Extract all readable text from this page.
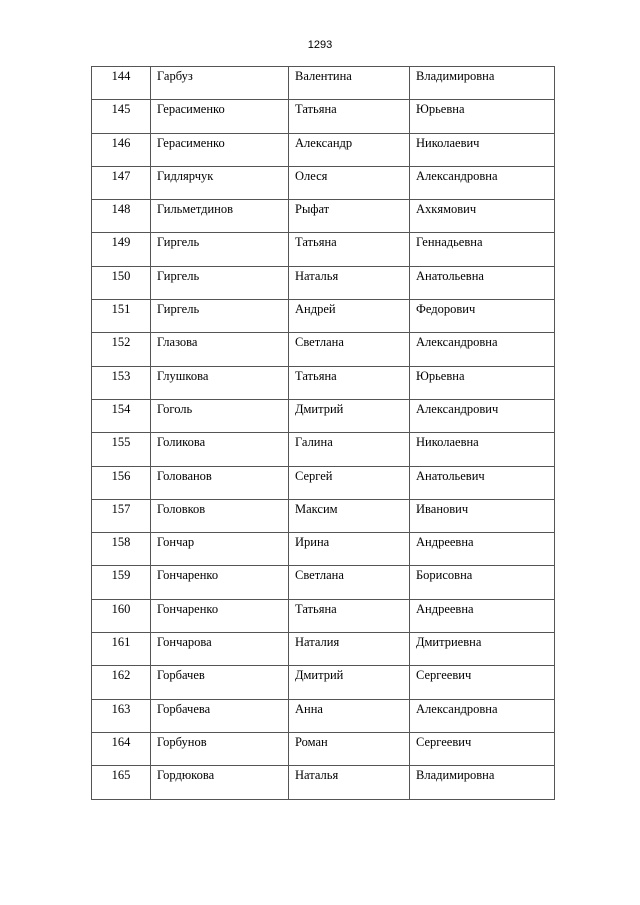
1293
144	Гарбуз	Валентина	Владимировна
145	Герасименко	Татьяна	Юрьевна
146	Герасименко	Александр	Николаевич
147	Гидлярчук	Олеся	Александровна
148	Гильметдинов	Рыфат	Ахкямович
149	Гиргель	Татьяна	Геннадьевна
150	Гиргель	Наталья	Анатольевна
151	Гиргель	Андрей	Федорович
152	Глазова	Светлана	Александровна
153	Глушкова	Татьяна	Юрьевна
154	Гоголь	Дмитрий	Александрович
155	Голикова	Галина	Николаевна
156	Голованов	Сергей	Анатольевич
157	Головков	Максим	Иванович
158	Гончар	Ирина	Андреевна
159	Гончаренко	Светлана	Борисовна
160	Гончаренко	Татьяна	Андреевна
161	Гончарова	Наталия	Дмитриевна
162	Горбачев	Дмитрий	Сергеевич
163	Горбачева	Анна	Александровна
164	Горбунов	Роман	Сергеевич
165	Гордюкова	Наталья	Владимировна
